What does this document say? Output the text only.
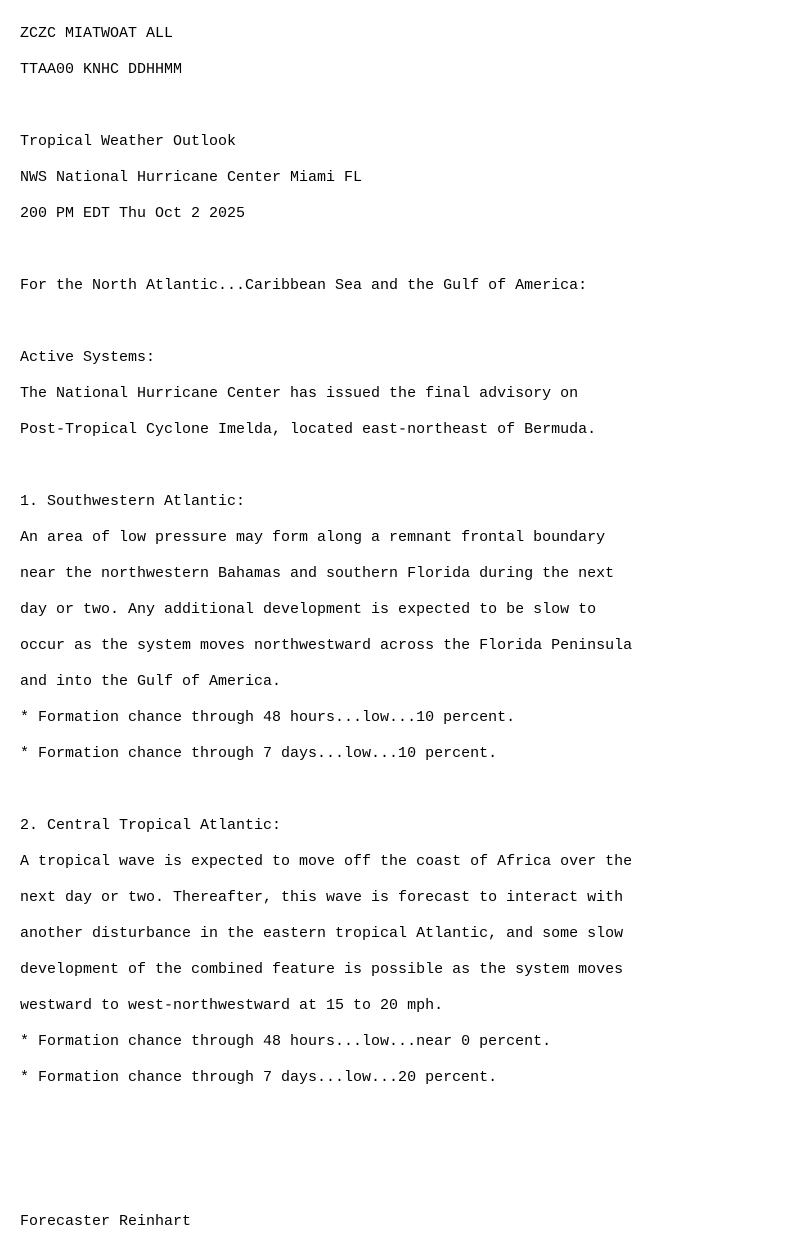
ZCZC MIATWOAT ALL

TTAA00 KNHC DDHHMM

Tropical Weather Outlook

NWS National Hurricane Center Miami FL

200 PM EDT Thu Oct 2 2025

For the North Atlantic...Caribbean Sea and the Gulf of America:

Active Systems:

The National Hurricane Center has issued the final advisory on

Post-Tropical Cyclone Imelda, located east-northeast of Bermuda.

1. Southwestern Atlantic:

An area of low pressure may form along a remnant frontal boundary

near the northwestern Bahamas and southern Florida during the next

day or two. Any additional development is expected to be slow to

occur as the system moves northwestward across the Florida Peninsula

and into the Gulf of America.

* Formation chance through 48 hours...low...10 percent.

* Formation chance through 7 days...low...10 percent.

2. Central Tropical Atlantic:

A tropical wave is expected to move off the coast of Africa over the

next day or two. Thereafter, this wave is forecast to interact with

another disturbance in the eastern tropical Atlantic, and some slow

development of the combined feature is possible as the system moves

westward to west-northwestward at 15 to 20 mph.

* Formation chance through 48 hours...low...near 0 percent.

* Formation chance through 7 days...low...20 percent.

Forecaster Reinhart
